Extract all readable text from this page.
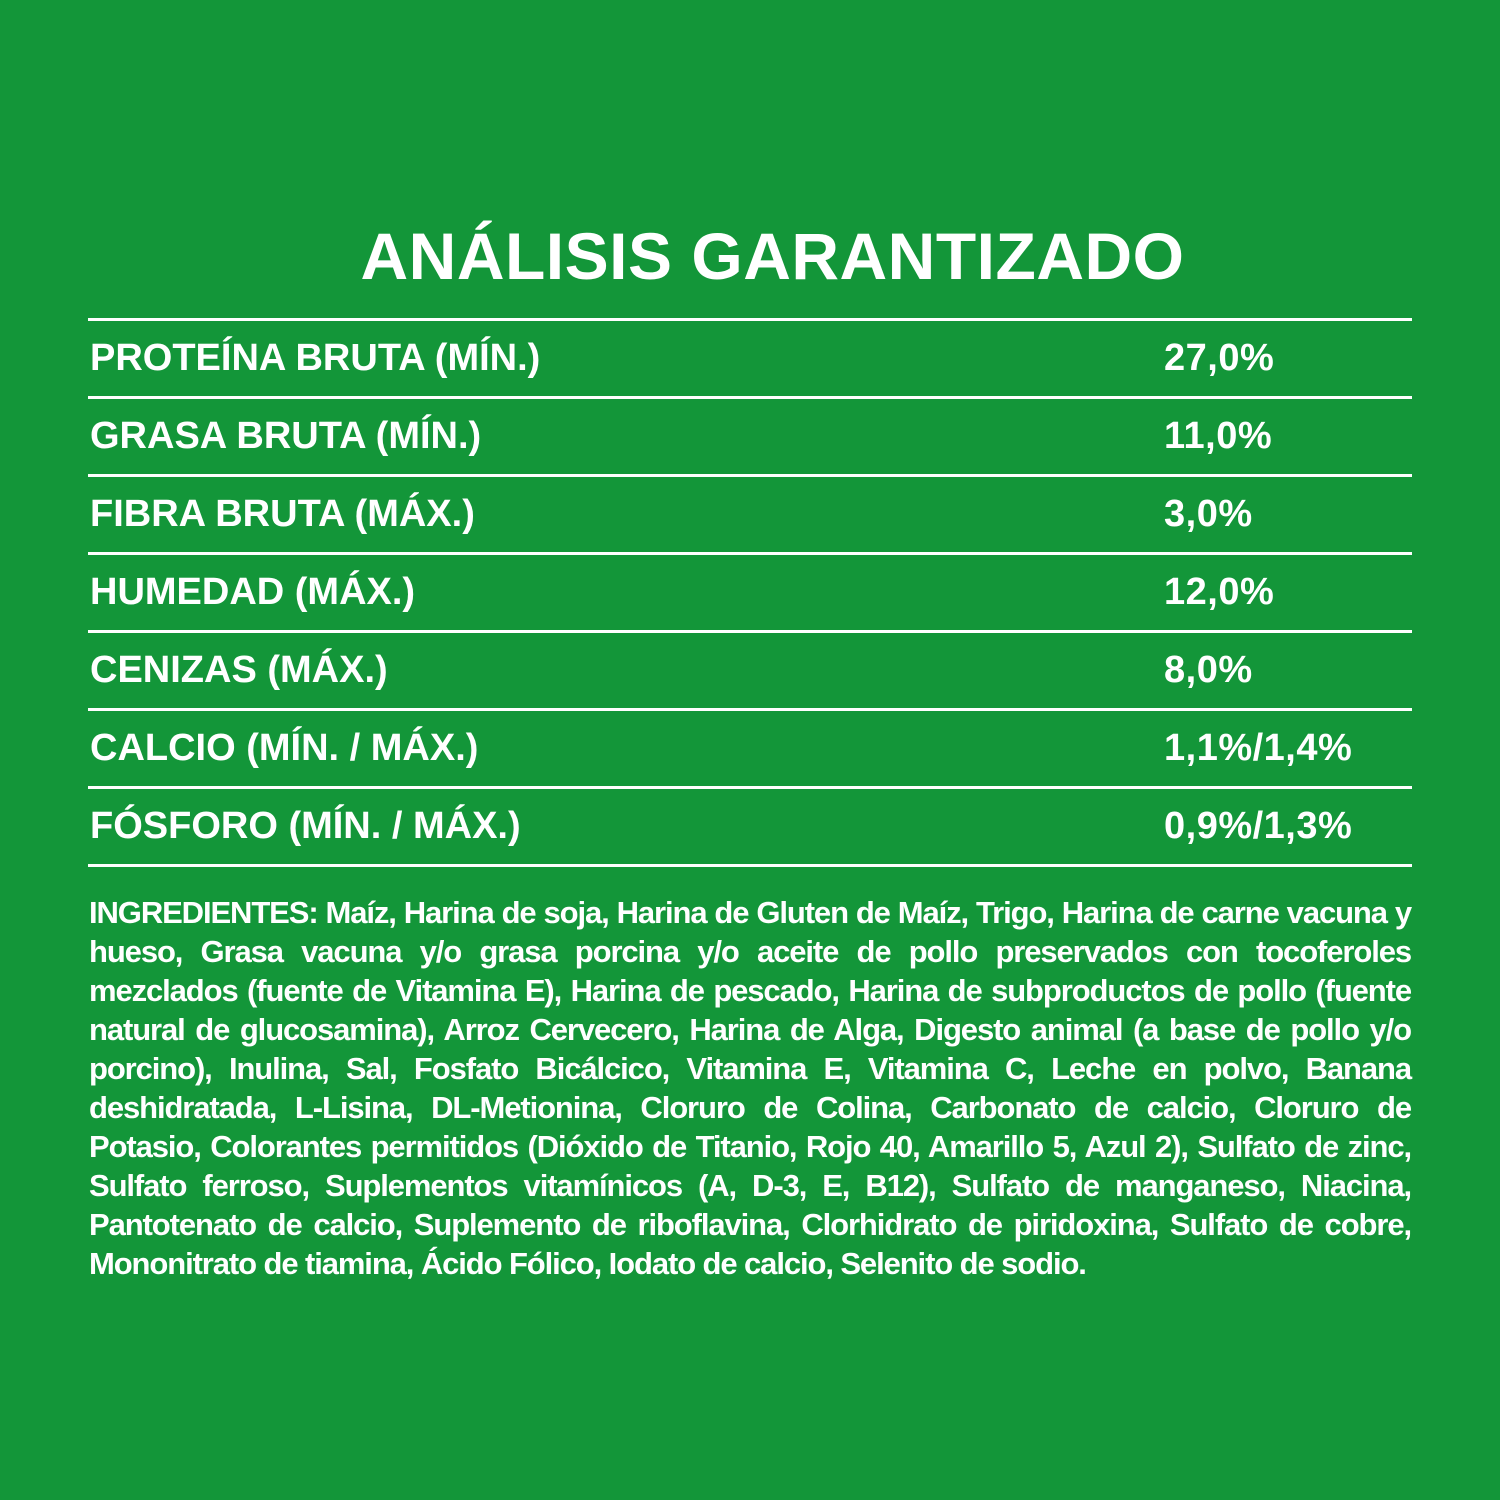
ANÁLISIS GARANTIZADO
PROTEÍNA BRUTA (MÍN.)	27,0%
GRASA BRUTA (MÍN.)	11,0%
FIBRA BRUTA (MÁX.)	3,0%
HUMEDAD (MÁX.)	12,0%
CENIZAS (MÁX.)	8,0%
CALCIO (MÍN. / MÁX.)	1,1%/1,4%
FÓSFORO (MÍN. / MÁX.)	0,9%/1,3%
INGREDIENTES: Maíz, Harina de soja, Harina de Gluten de Maíz, Trigo, Harina de carne vacuna y hueso, Grasa vacuna y/o grasa porcina y/o aceite de pollo preservados con tocoferoles mezclados (fuente de Vitamina E), Harina de pescado, Harina de subproductos de pollo (fuente natural de glucosamina), Arroz Cervecero, Harina de Alga, Digesto animal (a base de pollo y/o porcino), Inulina, Sal, Fosfato Bicálcico, Vitamina E, Vitamina C, Leche en polvo, Banana deshidratada, L-Lisina, DL-Metionina, Cloruro de Colina, Carbonato de calcio, Cloruro de Potasio, Colorantes permitidos (Dióxido de Titanio, Rojo 40, Amarillo 5, Azul 2), Sulfato de zinc, Sulfato ferroso, Suplementos vitamínicos (A, D-3, E, B12), Sulfato de manganeso, Niacina, Pantotenato de calcio, Suplemento de riboflavina, Clorhidrato de piridoxina, Sulfato de cobre, Mononitrato de tiamina, Ácido Fólico, Iodato de calcio, Selenito de sodio.
